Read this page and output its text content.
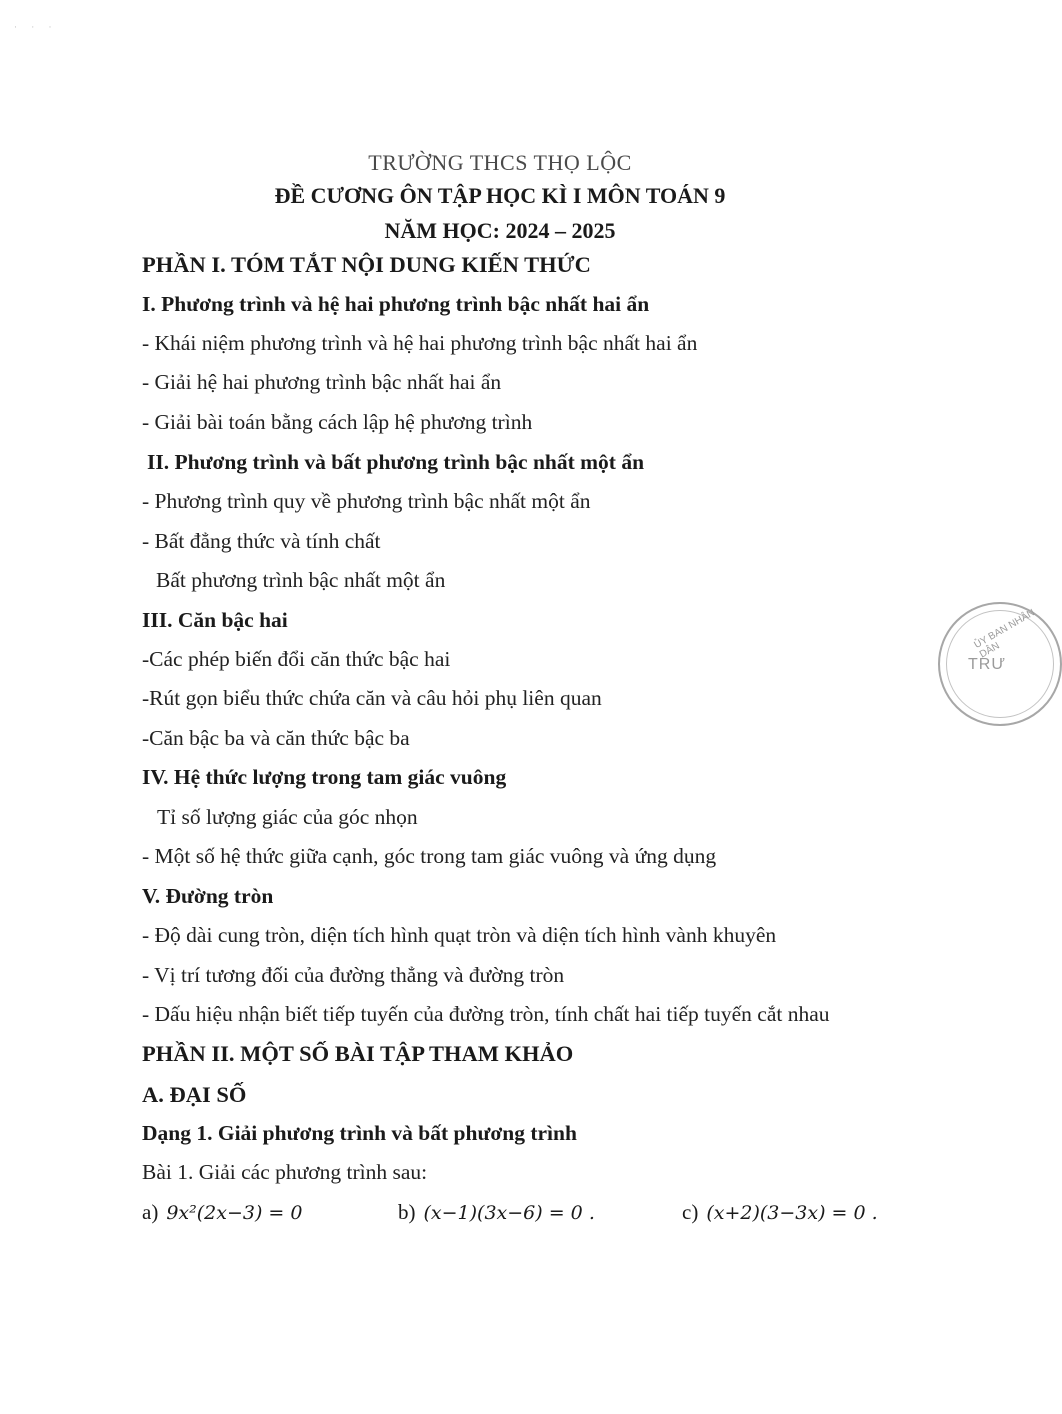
· · ·
TRƯỜNG THCS THỌ LỘC
ĐỀ CƯƠNG ÔN TẬP HỌC KÌ I MÔN TOÁN 9
NĂM HỌC: 2024 – 2025
PHẦN I. TÓM TẮT NỘI DUNG KIẾN THỨC
I. Phương trình và hệ hai phương trình bậc nhất hai ẩn
- Khái niệm phương trình và hệ hai phương trình bậc nhất hai ẩn
- Giải hệ hai phương trình bậc nhất hai ẩn
- Giải bài toán bằng cách lập hệ phương trình
II. Phương trình và bất phương trình bậc nhất một ẩn
- Phương trình quy về phương trình bậc nhất một ẩn
- Bất đẳng thức và tính chất
Bất phương trình bậc nhất một ẩn
III. Căn bậc hai
-Các phép biến đổi căn thức bậc hai
-Rút gọn biểu thức chứa căn và câu hỏi phụ liên quan
-Căn bậc ba và căn thức bậc ba
IV. Hệ thức lượng trong tam giác vuông
Tỉ số lượng giác của góc nhọn
- Một số hệ thức giữa cạnh, góc trong tam giác vuông và ứng dụng
V. Đường tròn
- Độ dài cung tròn, diện tích hình quạt tròn và diện tích hình vành khuyên
- Vị trí tương đối của đường thẳng và đường tròn
- Dấu hiệu nhận biết tiếp tuyến của đường tròn, tính chất hai tiếp tuyến cắt nhau
PHẦN II. MỘT SỐ BÀI TẬP THAM KHẢO
A. ĐẠI SỐ
Dạng 1. Giải phương trình và bất phương trình
Bài 1. Giải các phương trình sau:
a) 9x²(2x−3) = 0	b) (x−1)(3x−6) = 0 .	c) (x+2)(3−3x) = 0 .
ỦY BAN NHÂN DÂN
TRƯ
